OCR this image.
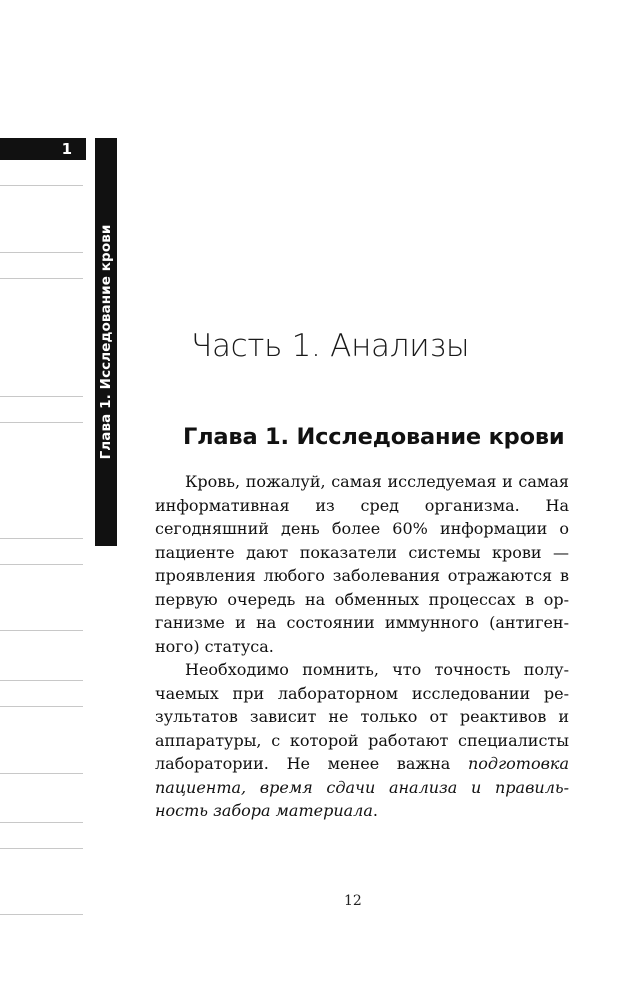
1
Глава 1. Исследование крови Часть 1. Анализы
Глава 1. Исследование крови

Кровь, пожалуй, самая исследуемая и самая информативная из сред организма. На сегодняшний день более 60% информации о пациенте дают показатели системы крови — проявления любого заболевания отражаются в первую очередь на обменных процессах в организме и на состоянии иммунного (антигенного) статуса.

Необходимо помнить, что точность получаемых при лабораторном исследовании результатов зависит не только от реактивов и аппаратуры, с которой работают специалисты лаборатории. Не менее важна подготовка пациента, время сдачи анализа и правильность забора материала.

12
